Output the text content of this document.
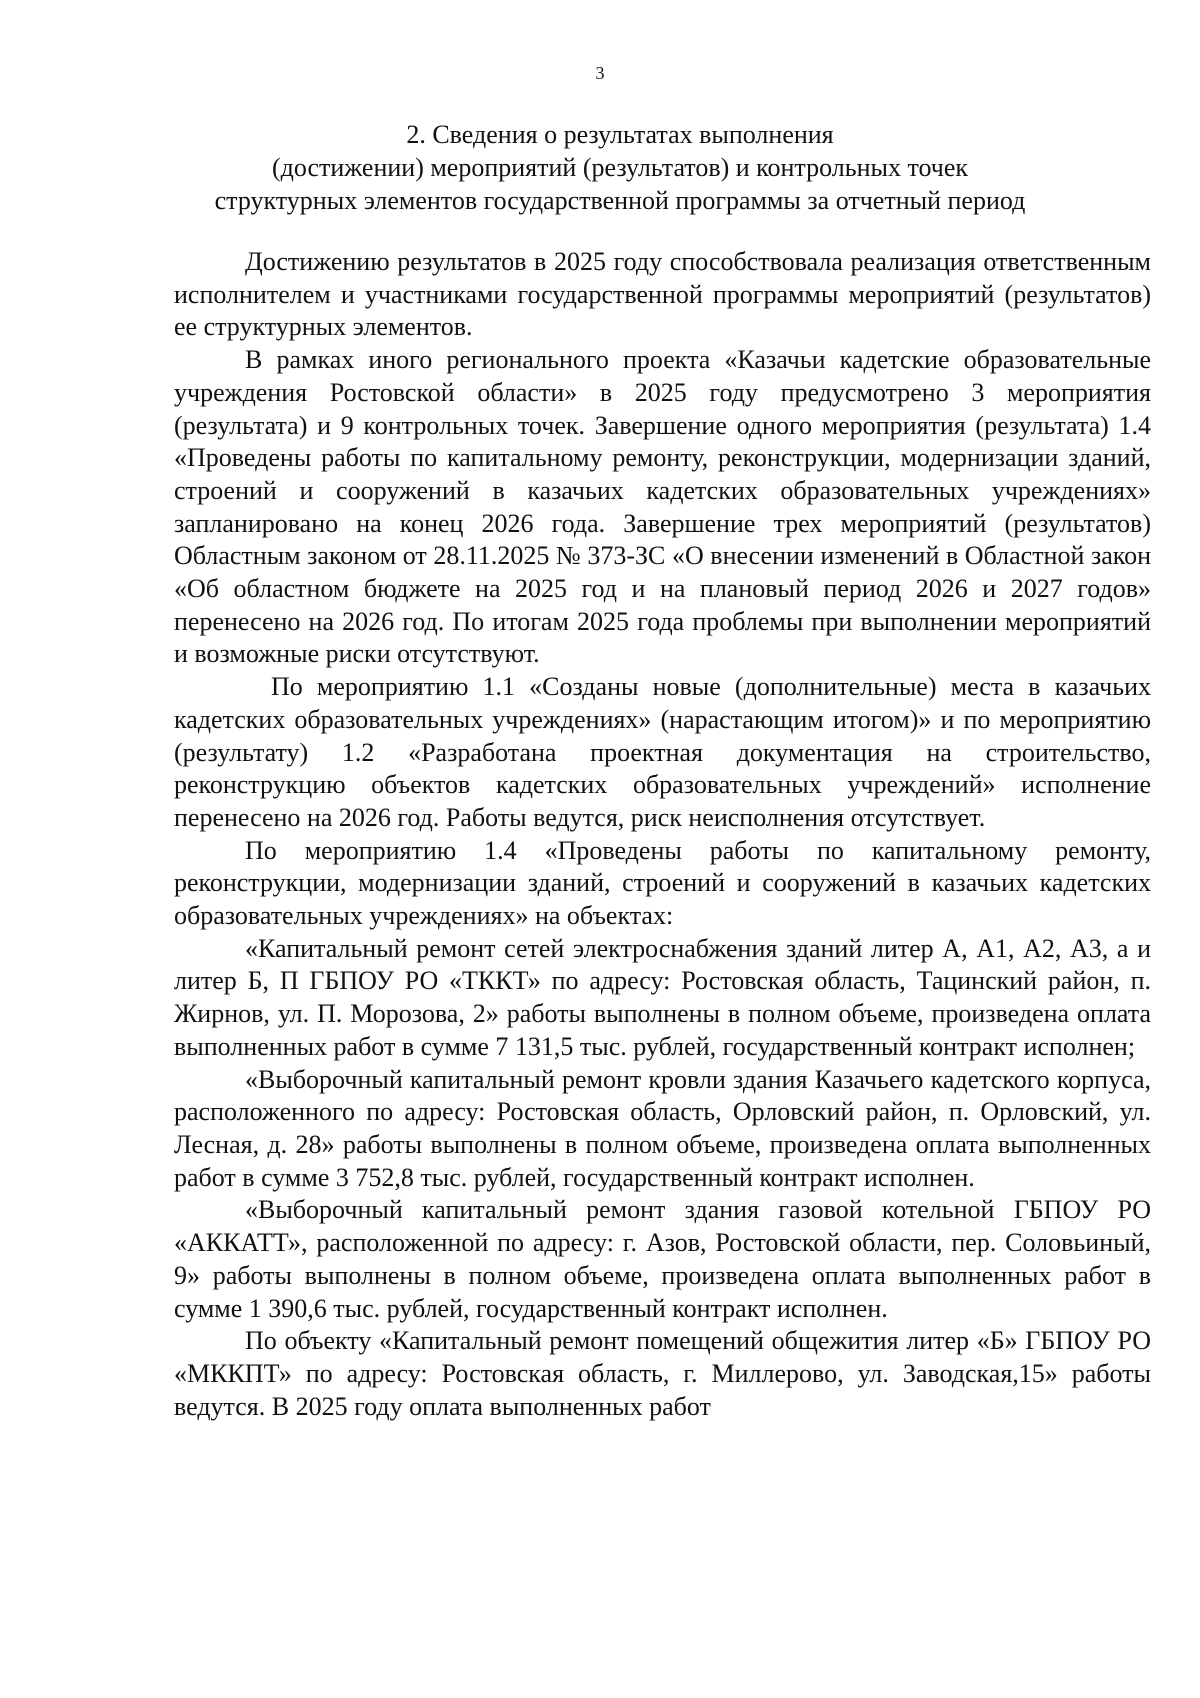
3
2. Сведения о результатах выполнения
(достижении) мероприятий (результатов) и контрольных точек
структурных элементов государственной программы за отчетный период

Достижению результатов в 2025 году способствовала реализация ответственным исполнителем и участниками государственной программы мероприятий (результатов) ее структурных элементов.

В рамках иного регионального проекта «Казачьи кадетские образовательные учреждения Ростовской области» в 2025 году предусмотрено 3 мероприятия (результата) и 9 контрольных точек. Завершение одного мероприятия (результата) 1.4 «Проведены работы по капитальному ремонту, реконструкции, модернизации зданий, строений и сооружений в казачьих кадетских образовательных учреждениях» запланировано на конец 2026 года. Завершение трех мероприятий (результатов) Областным законом от 28.11.2025 № 373-ЗС «О внесении изменений в Областной закон «Об областном бюджете на 2025 год и на плановый период 2026 и 2027 годов» перенесено на 2026 год. По итогам 2025 года проблемы при выполнении мероприятий и возможные риски отсутствуют.

По мероприятию 1.1 «Созданы новые (дополнительные) места в казачьих кадетских образовательных учреждениях» (нарастающим итогом)» и по мероприятию (результату) 1.2 «Разработана проектная документация на строительство, реконструкцию объектов кадетских образовательных учреждений» исполнение перенесено на 2026 год. Работы ведутся, риск неисполнения отсутствует.

По мероприятию 1.4 «Проведены работы по капитальному ремонту, реконструкции, модернизации зданий, строений и сооружений в казачьих кадетских образовательных учреждениях» на объектах:

«Капитальный ремонт сетей электроснабжения зданий литер А, А1, А2, А3, а и литер Б, П ГБПОУ РО «ТККТ» по адресу: Ростовская область, Тацинский район, п. Жирнов, ул. П. Морозова, 2» работы выполнены в полном объеме, произведена оплата выполненных работ в сумме 7 131,5 тыс. рублей, государственный контракт исполнен;

«Выборочный капитальный ремонт кровли здания Казачьего кадетского корпуса, расположенного по адресу: Ростовская область, Орловский район, п. Орловский, ул. Лесная, д. 28» работы выполнены в полном объеме, произведена оплата выполненных работ в сумме 3 752,8 тыс. рублей, государственный контракт исполнен.

«Выборочный капитальный ремонт здания газовой котельной ГБПОУ РО «АККАТТ», расположенной по адресу: г. Азов, Ростовской области, пер. Соловьиный, 9» работы выполнены в полном объеме, произведена оплата выполненных работ в сумме 1 390,6 тыс. рублей, государственный контракт исполнен.

По объекту «Капитальный ремонт помещений общежития литер «Б» ГБПОУ РО «МККПТ» по адресу: Ростовская область, г. Миллерово, ул. Заводская,15» работы ведутся. В 2025 году оплата выполненных работ
